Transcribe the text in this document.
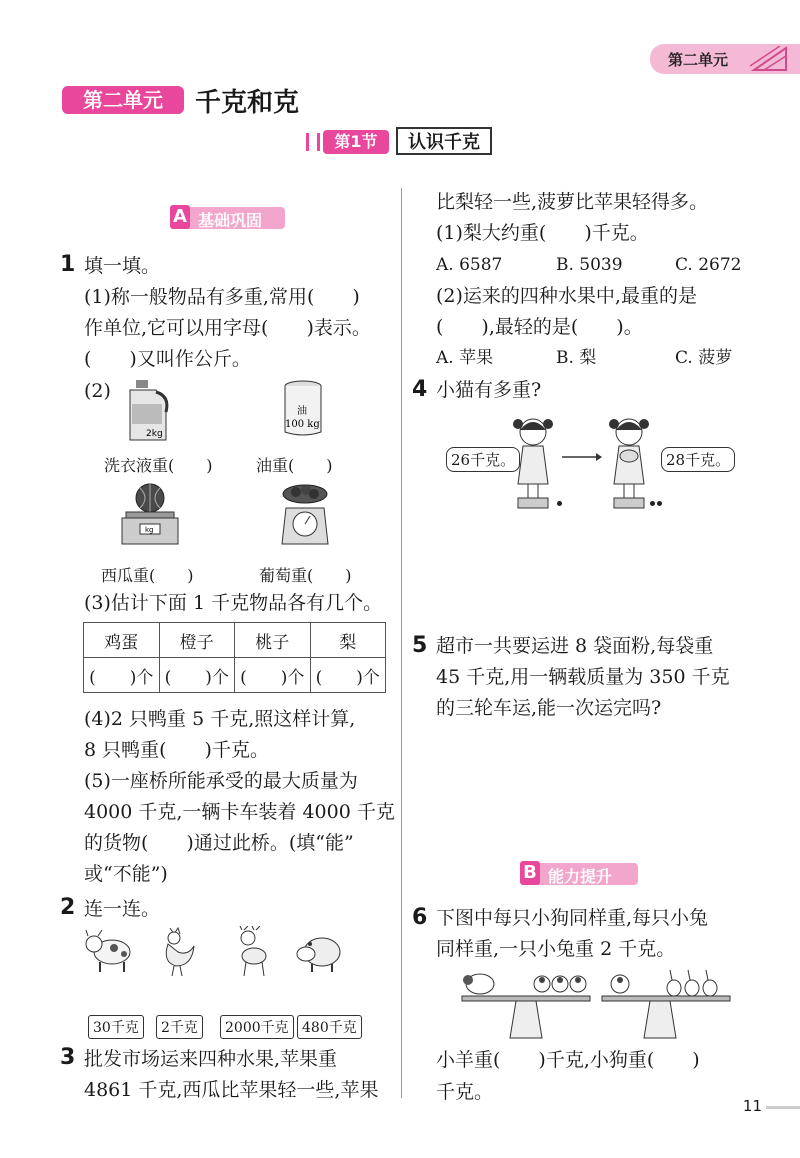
第二单元
第二单元	千克和克
第1节	认识千克
A 基础巩固
1 填一填。
(1)称一般物品有多重,常用(　　)
作单位,它可以用字母(　　)表示。
(　　)又叫作公斤。
(2)
2kg
油
100 kg
洗衣液重(　　)	油重(　　)
kg
西瓜重(　　)	葡萄重(　　)
(3)估计下面 1 千克物品各有几个。
鸡蛋	橙子	桃子	梨
(　　)个	(　　)个	(　　)个	(　　)个
(4)2 只鸭重 5 千克,照这样计算,
8 只鸭重(　　)千克。
(5)一座桥所能承受的最大质量为
4000 千克,一辆卡车装着 4000 千克
的货物(　　)通过此桥。(填“能”
或“不能”)
2 连一连。
30千克	2千克	2000千克 480千克
3 批发市场运来四种水果,苹果重
4861 千克,西瓜比苹果轻一些,苹果
比梨轻一些,菠萝比苹果轻得多。
(1)梨大约重(　　)千克。
A. 6587	B. 5039	C. 2672
(2)运来的四种水果中,最重的是
(　　),最轻的是(　　)。
A. 苹果	B. 梨	C. 菠萝
4 小猫有多重?
26千克。	28千克。
5 超市一共要运进 8 袋面粉,每袋重
45 千克,用一辆载质量为 350 千克
的三轮车运,能一次运完吗?
B 能力提升
6 下图中每只小狗同样重,每只小兔
同样重,一只小兔重 2 千克。
小羊重(　　)千克,小狗重(　　)
千克。
11
